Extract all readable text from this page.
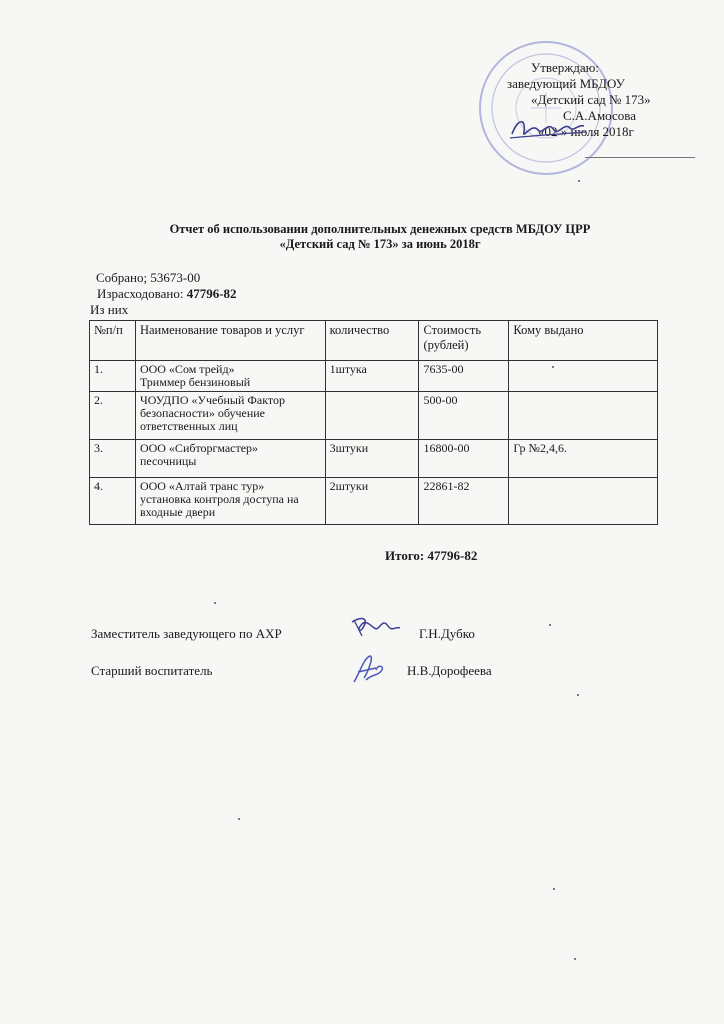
Утверждаю:
заведующий МБДОУ
«Детский сад № 173»
С.А.Амосова
«02 » июля 2018г
Отчет об использовании дополнительных денежных средств МБДОУ ЦРР
«Детский сад № 173» за июнь 2018г
Собрано; 53673-00
Израсходовано: 47796-82
Из них
№п/п	Наименование товаров и услуг	количество	Стоимость (рублей)	Кому выдано
1.	ООО «Сом трейд»
Триммер бензиновый	1штука	7635-00	
2.	ЧОУДПО «Учебный Фактор
безопасности» обучение
ответственных лиц		500-00	
3.	ООО «Сибторгмастер»
песочницы	3штуки	16800-00	Гр №2,4,6.
4.	ООО «Алтай транс тур»
установка контроля доступа на
входные двери	2штуки	22861-82	
Итого: 47796-82
Заместитель заведующего по АХР	Г.Н.Дубко
Старший воспитатель	Н.В.Дорофеева
